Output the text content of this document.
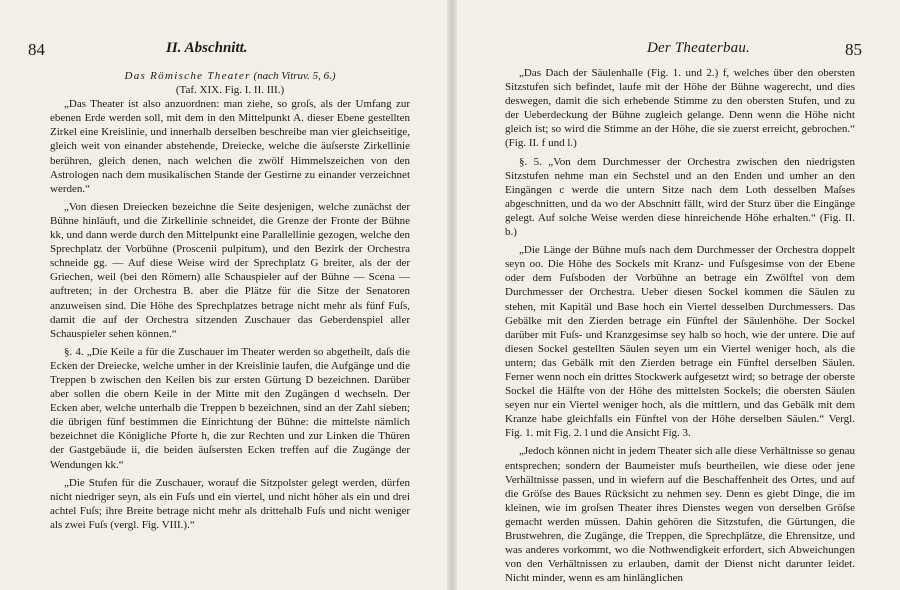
84	II. Abschnitt.
Das Römische Theater (nach Vitruv. 5, 6.)
(Taf. XIX. Fig. I. II. III.)

„Das Theater ist also anzuordnen: man ziehe, so groſs, als der Umfang zur ebenen Erde werden soll, mit dem in den Mittelpunkt A. dieser Ebene gestellten Zirkel eine Kreislinie, und innerhalb derselben beschreibe man vier gleichseitige, gleich weit von einander abstehende, Dreiecke, welche die äuſserste Zirkellinie berühren, gleich denen, nach welchen die zwölf Himmelszeichen von den Astrologen nach dem musikalischen Stande der Gestirne zu einander verzeichnet werden.“

„Von diesen Dreiecken bezeichne die Seite desjenigen, welche zunächst der Bühne hinläuft, und die Zirkellinie schneidet, die Grenze der Fronte der Bühne kk, und dann werde durch den Mittelpunkt eine Parallellinie gezogen, welche den Sprechplatz der Vorbühne (Proscenii pulpitum), und den Bezirk der Orchestra schneide gg. — Auf diese Weise wird der Sprechplatz G breiter, als der der Griechen, weil (bei den Römern) alle Schauspieler auf der Bühne — Scena — auftreten; in der Orchestra B. aber die Plätze für die Sitze der Senatoren anzuweisen sind. Die Höhe des Sprechplatzes betrage nicht mehr als fünf Fuſs, damit die auf der Orchestra sitzenden Zuschauer das Geberdenspiel aller Schauspieler sehen können.“

§. 4. „Die Keile a für die Zuschauer im Theater werden so abgetheilt, daſs die Ecken der Dreiecke, welche umher in der Kreislinie laufen, die Aufgänge und die Treppen b zwischen den Keilen bis zur ersten Gürtung D bezeichnen. Darüber aber sollen die obern Keile in der Mitte mit den Zugängen d wechseln. Der Ecken aber, welche unterhalb die Treppen b bezeichnen, sind an der Zahl sieben; die übrigen fünf bestimmen die Einrichtung der Bühne: die mittelste nämlich bezeichnet die Königliche Pforte h, die zur Rechten und zur Linken die Thüren der Gastgebäude ii, die beiden äuſsersten Ecken treffen auf die Zugänge der Wendungen kk.“

„Die Stufen für die Zuschauer, worauf die Sitzpolster gelegt werden, dürfen nicht niedriger seyn, als ein Fuſs und ein viertel, und nicht höher als ein und drei achtel Fuſs; ihre Breite betrage nicht mehr als drittehalb Fuſs und nicht weniger als zwei Fuſs (vergl. Fig. VIII.).“

Der Theaterbau.	85

„Das Dach der Säulenhalle (Fig. 1. und 2.) f, welches über den obersten Sitzstufen sich befindet, laufe mit der Höhe der Bühne wagerecht, und dies deswegen, damit die sich erhebende Stimme zu den obersten Stufen, und zu der Ueberdeckung der Bühne zugleich gelange. Denn wenn die Höhe nicht gleich ist; so wird die Stimme an der Höhe, die sie zuerst erreicht, gebrochen.“ (Fig. II. f und l.)

§. 5. „Von dem Durchmesser der Orchestra zwischen den niedrigsten Sitzstufen nehme man ein Sechstel und an den Enden und umher an den Eingängen c werde die untern Sitze nach dem Loth desselben Maſses abgeschnitten, und da wo der Abschnitt fällt, wird der Sturz über die Eingänge gelegt. Auf solche Weise werden diese hinreichende Höhe erhalten.“ (Fig. II. b.)

„Die Länge der Bühne muſs nach dem Durchmesser der Orchestra doppelt seyn oo. Die Höhe des Sockels mit Kranz- und Fuſsgesimse von der Ebene oder dem Fuſsboden der Vorbühne an betrage ein Zwölftel von dem Durchmesser der Orchestra. Ueber diesen Sockel kommen die Säulen zu stehen, mit Kapitäl und Base hoch ein Viertel desselben Durchmessers. Das Gebälke mit den Zierden betrage ein Fünftel der Säulenhöhe. Der Sockel darüber mit Fuſs- und Kranzgesimse sey halb so hoch, wie der untere. Die auf diesen Sockel gestellten Säulen seyen um ein Viertel weniger hoch, als die untern; das Gebälk mit den Zierden betrage ein Fünftel derselben Säulen. Ferner wenn noch ein drittes Stockwerk aufgesetzt wird; so betrage der oberste Sockel die Hälfte von der Höhe des mittelsten Sockels; die obersten Säulen seyen nur ein Viertel weniger hoch, als die mittlern, und das Gebälk mit dem Kranze habe gleichfalls ein Fünftel von der Höhe derselben Säulen.“ Vergl. Fig. 1. mit Fig. 2. l und die Ansicht Fig. 3.

„Jedoch können nicht in jedem Theater sich alle diese Verhältnisse so genau entsprechen; sondern der Baumeister muſs beurtheilen, wie diese oder jene Verhältnisse passen, und in wiefern auf die Beschaffenheit des Ortes, und auf die Gröſse des Baues Rücksicht zu nehmen sey. Denn es giebt Dinge, die im kleinen, wie im groſsen Theater ihres Dienstes wegen von derselben Gröſse gemacht werden müssen. Dahin gehören die Sitzstufen, die Gürtungen, die Brustwehren, die Zugänge, die Treppen, die Sprechplätze, die Ehrensitze, und was anderes vorkommt, wo die Nothwendigkeit erfordert, sich Abweichungen von den Verhältnissen zu erlauben, damit der Dienst nicht darunter leidet. Nicht minder, wenn es am hinlänglichen
